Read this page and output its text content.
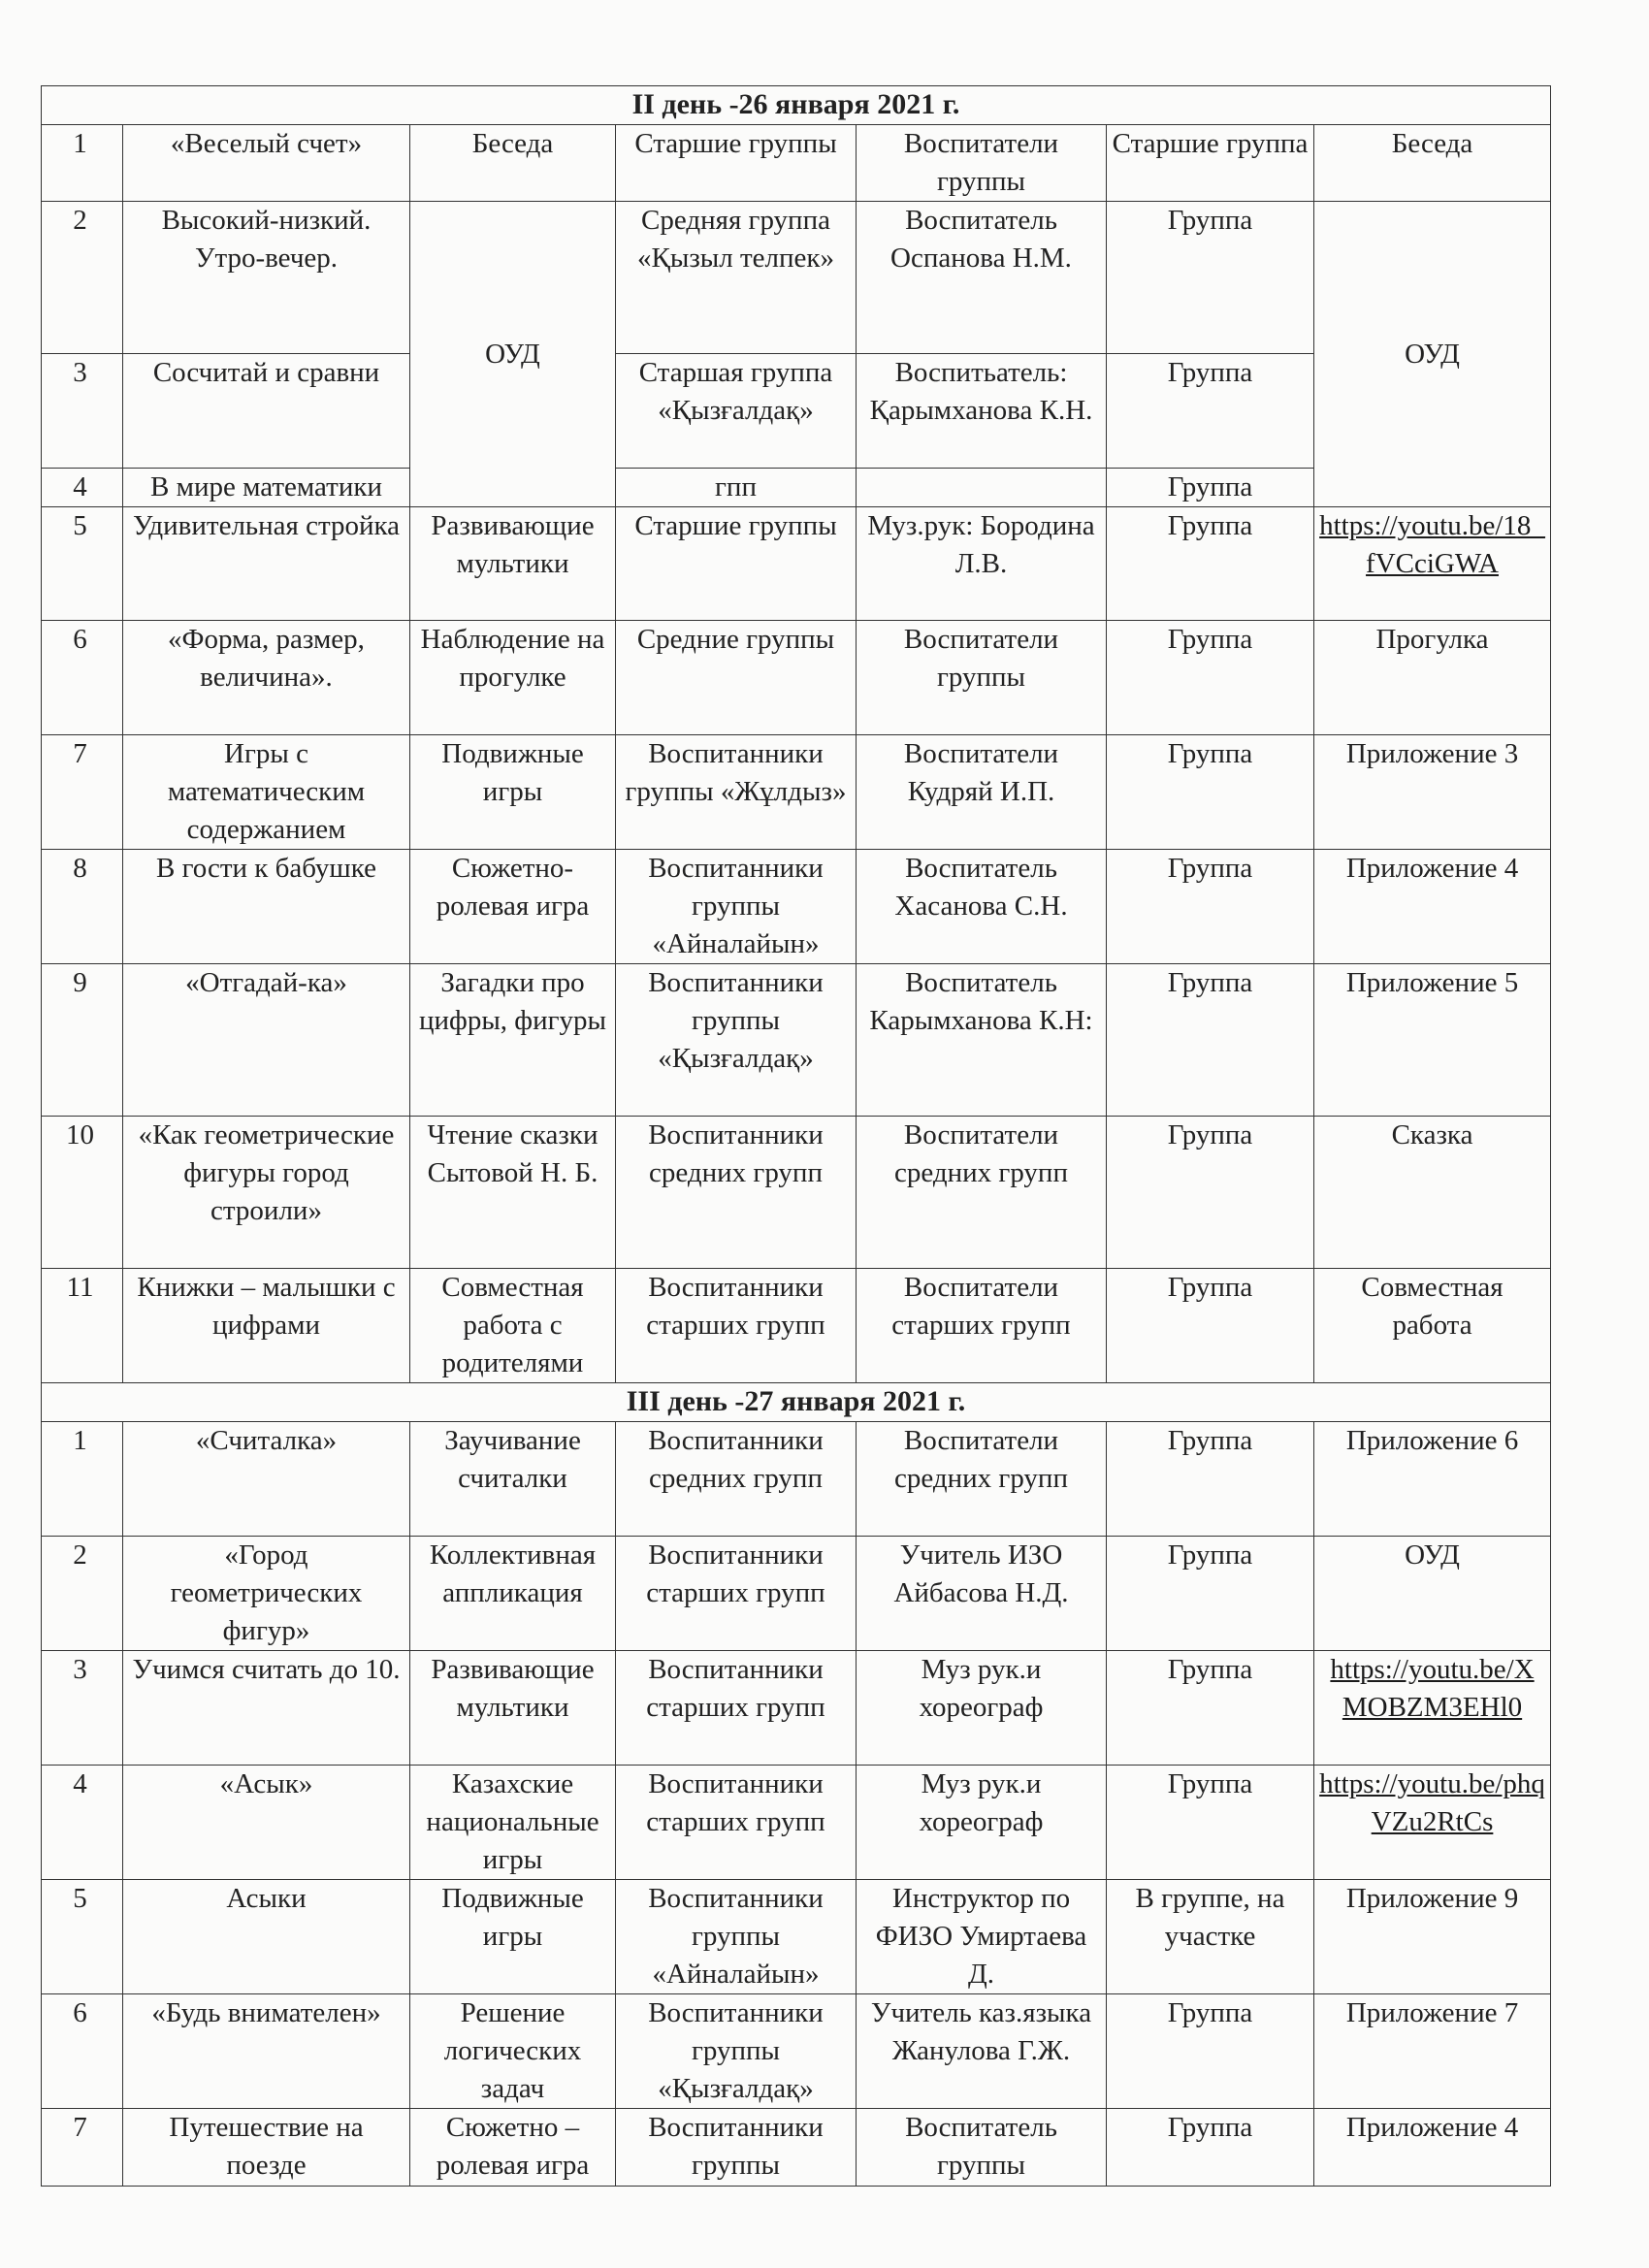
II день -26 января 2021 г.						
1	«Веселый счет»	Беседа	Старшие группы	Воспитатели группы	Старшие группа	Беседа
2	Высокий-низкий. Утро-вечер.	ОУД	Средняя группа «Қызыл телпек»	Воспитатель Оспанова Н.М.	Группа	ОУД
3	Сосчитай и сравни		Старшая группа «Қызғалдақ»	Воспитьатель: Қарымханова К.Н.	Группа	
4	В мире математики		гпп		Группа	
5	Удивительная стройка	Развивающие мультики	Старшие группы	Муз.рук: Бородина Л.В.	Группа	https://youtu.be/18_fVCciGWA
6	«Форма, размер, величина».	Наблюдение на прогулке	Средние группы	Воспитатели группы	Группа	Прогулка
7	Игры с математическим содержанием	Подвижные игры	Воспитанники группы «Жұлдыз»	Воспитатели Кудряй И.П.	Группа	Приложение 3
8	В гости к бабушке	Сюжетно-ролевая игра	Воспитанники группы «Айналайын»	Воспитатель Хасанова С.Н.	Группа	Приложение 4
9	«Отгадай-ка»	Загадки про цифры, фигуры	Воспитанники группы «Қызғалдақ»	Воспитатель Карымханова К.Н:	Группа	Приложение 5
10	«Как геометрические фигуры город строили»	Чтение сказки Сытовой Н. Б.	Воспитанники средних групп	Воспитатели средних групп	Группа	Сказка
11	Книжки – малышки с цифрами	Совместная работа с родителями	Воспитанники старших групп	Воспитатели старших групп	Группа	Совместная работа
III день -27 января 2021 г.						
1	«Считалка»	Заучивание считалки	Воспитанники средних групп	Воспитатели средних групп	Группа	Приложение 6
2	«Город геометрических фигур»	Коллективная аппликация	Воспитанники старших групп	Учитель ИЗО Айбасова Н.Д.	Группа	ОУД
3	Учимся считать до 10.	Развивающие мультики	Воспитанники старших групп	Муз рук.и хореограф	Группа	https://youtu.be/XMOBZM3EHl0
4	«Асык»	Казахские национальные игры	Воспитанники старших групп	Муз рук.и хореограф	Группа	https://youtu.be/phqVZu2RtCs
5	Асыки	Подвижные игры	Воспитанники группы «Айналайын»	Инструктор по ФИЗО Умиртаева Д.	В группе, на участке	Приложение 9
6	«Будь внимателен»	Решение логических задач	Воспитанники группы «Қызғалдақ»	Учитель каз.языка Жанулова Г.Ж.	Группа	Приложение 7
7	Путешествие на поезде	Сюжетно – ролевая игра	Воспитанники группы	Воспитатель группы	Группа	Приложение 4
